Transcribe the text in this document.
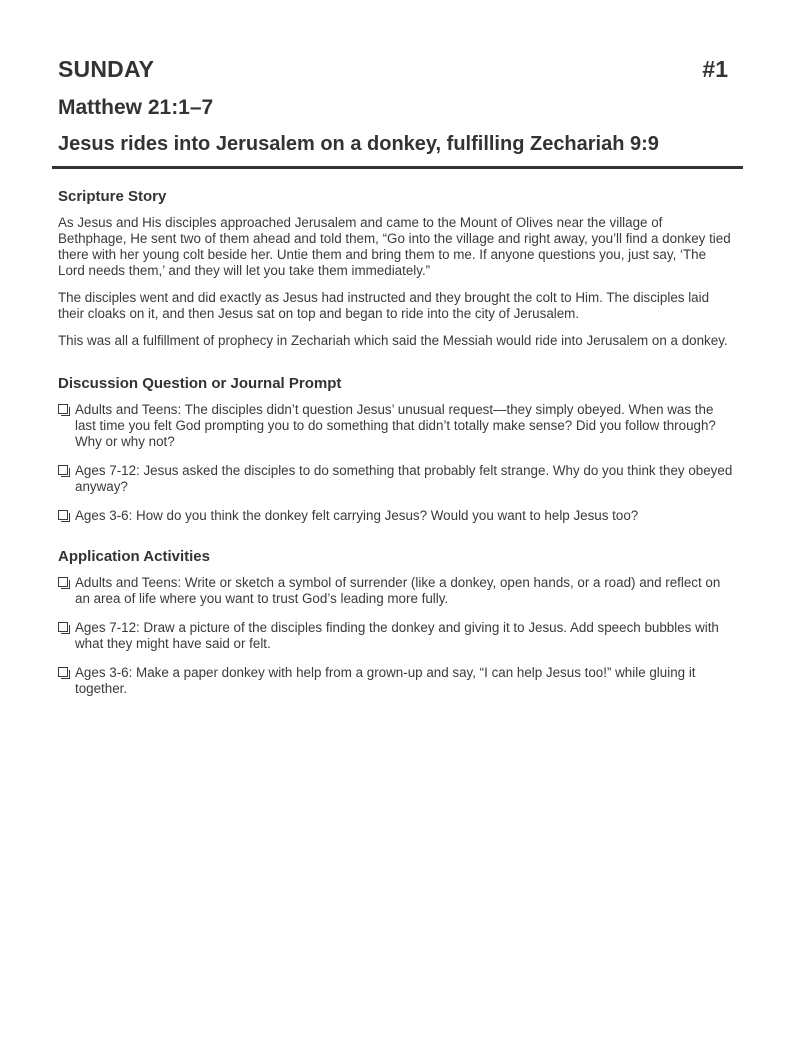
SUNDAY	#1
Matthew 21:1–7
Jesus rides into Jerusalem on a donkey, fulfilling Zechariah 9:9
Scripture Story

As Jesus and His disciples approached Jerusalem and came to the Mount of Olives near the village of Bethphage, He sent two of them ahead and told them, “Go into the village and right away, you’ll find a donkey tied there with her young colt beside her. Untie them and bring them to me. If anyone questions you, just say, ‘The Lord needs them,’ and they will let you take them immediately.”

The disciples went and did exactly as Jesus had instructed and they brought the colt to Him. The disciples laid their cloaks on it, and then Jesus sat on top and began to ride into the city of Jerusalem.

This was all a fulfillment of prophecy in Zechariah which said the Messiah would ride into Jerusalem on a donkey.

Discussion Question or Journal Prompt
Adults and Teens: The disciples didn’t question Jesus’ unusual request—they simply obeyed. When was the last time you felt God prompting you to do something that didn’t totally make sense? Did you follow through? Why or why not?
Ages 7-12: Jesus asked the disciples to do something that probably felt strange. Why do you think they obeyed anyway?
Ages 3-6: How do you think the donkey felt carrying Jesus? Would you want to help Jesus too?
Application Activities
Adults and Teens: Write or sketch a symbol of surrender (like a donkey, open hands, or a road) and reflect on an area of life where you want to trust God’s leading more fully.
Ages 7-12: Draw a picture of the disciples finding the donkey and giving it to Jesus. Add speech bubbles with what they might have said or felt.
Ages 3-6: Make a paper donkey with help from a grown-up and say, “I can help Jesus too!” while gluing it together.
